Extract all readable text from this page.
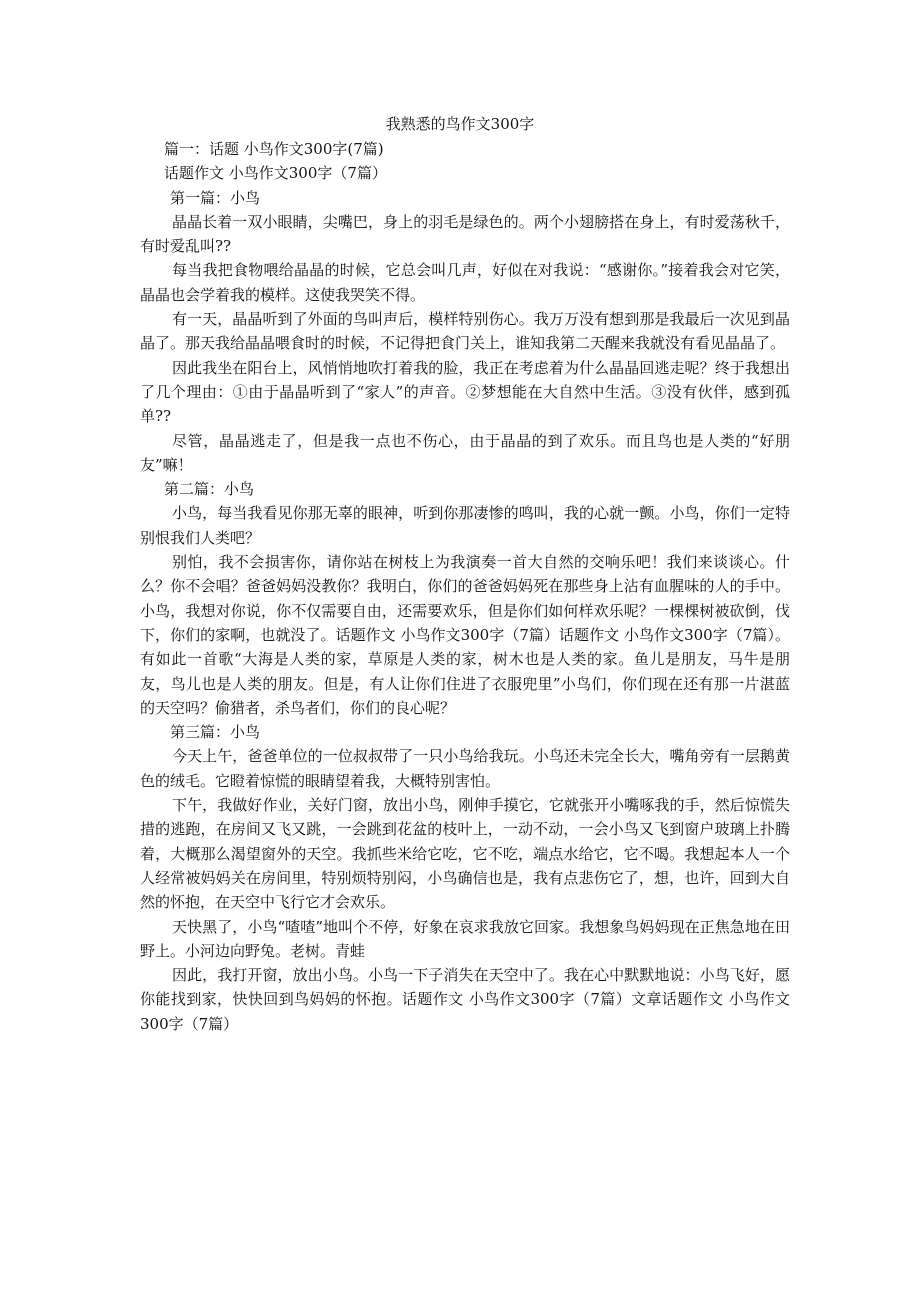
我熟悉的鸟作文300字

篇一：话题 小鸟作文300字(7篇)

话题作文 小鸟作文300字（7篇）

第一篇：小鸟

晶晶长着一双小眼睛，尖嘴巴，身上的羽毛是绿色的。两个小翅膀搭在身上，有时爱荡秋千，有时爱乱叫??

每当我把食物喂给晶晶的时候，它总会叫几声，好似在对我说：“感谢你。”接着我会对它笑，晶晶也会学着我的模样。这使我哭笑不得。

有一天，晶晶听到了外面的鸟叫声后，模样特别伤心。我万万没有想到那是我最后一次见到晶晶了。那天我给晶晶喂食时的时候，不记得把食门关上，谁知我第二天醒来我就没有看见晶晶了。

因此我坐在阳台上，风悄悄地吹打着我的脸，我正在考虑着为什么晶晶回逃走呢？终于我想出了几个理由：①由于晶晶听到了“家人”的声音。②梦想能在大自然中生活。③没有伙伴，感到孤单??

尽管，晶晶逃走了，但是我一点也不伤心，由于晶晶的到了欢乐。而且鸟也是人类的“好朋友”嘛！

第二篇：小鸟

小鸟，每当我看见你那无辜的眼神，听到你那凄惨的鸣叫，我的心就一颤。小鸟，你们一定特别恨我们人类吧？

别怕，我不会损害你，请你站在树枝上为我演奏一首大自然的交响乐吧！我们来谈谈心。什么？你不会唱？爸爸妈妈没教你？我明白，你们的爸爸妈妈死在那些身上沾有血腥味的人的手中。小鸟，我想对你说，你不仅需要自由，还需要欢乐，但是你们如何样欢乐呢？一棵棵树被砍倒，伐下，你们的家啊，也就没了。话题作文 小鸟作文300字（7篇）话题作文 小鸟作文300字（7篇）。有如此一首歌“大海是人类的家，草原是人类的家，树木也是人类的家。鱼儿是朋友，马牛是朋友，鸟儿也是人类的朋友。但是，有人让你们住进了衣服兜里”小鸟们，你们现在还有那一片湛蓝的天空吗？偷猎者，杀鸟者们，你们的良心呢？

第三篇：小鸟

今天上午，爸爸单位的一位叔叔带了一只小鸟给我玩。小鸟还未完全长大，嘴角旁有一层鹅黄色的绒毛。它瞪着惊慌的眼睛望着我，大概特别害怕。

下午，我做好作业，关好门窗，放出小鸟，刚伸手摸它，它就张开小嘴啄我的手，然后惊慌失措的逃跑，在房间又飞又跳，一会跳到花盆的枝叶上，一动不动，一会小鸟又飞到窗户玻璃上扑腾着，大概那么渴望窗外的天空。我抓些米给它吃，它不吃，端点水给它，它不喝。我想起本人一个人经常被妈妈关在房间里，特别烦特别闷，小鸟确信也是，我有点悲伤它了，想，也许，回到大自然的怀抱，在天空中飞行它才会欢乐。

天快黑了，小鸟“喳喳”地叫个不停，好象在哀求我放它回家。我想象鸟妈妈现在正焦急地在田野上。小河边向野兔。老树。青蛙

因此，我打开窗，放出小鸟。小鸟一下子消失在天空中了。我在心中默默地说：小鸟飞好，愿你能找到家，快快回到鸟妈妈的怀抱。话题作文 小鸟作文300字（7篇）文章话题作文 小鸟作文300字（7篇）
